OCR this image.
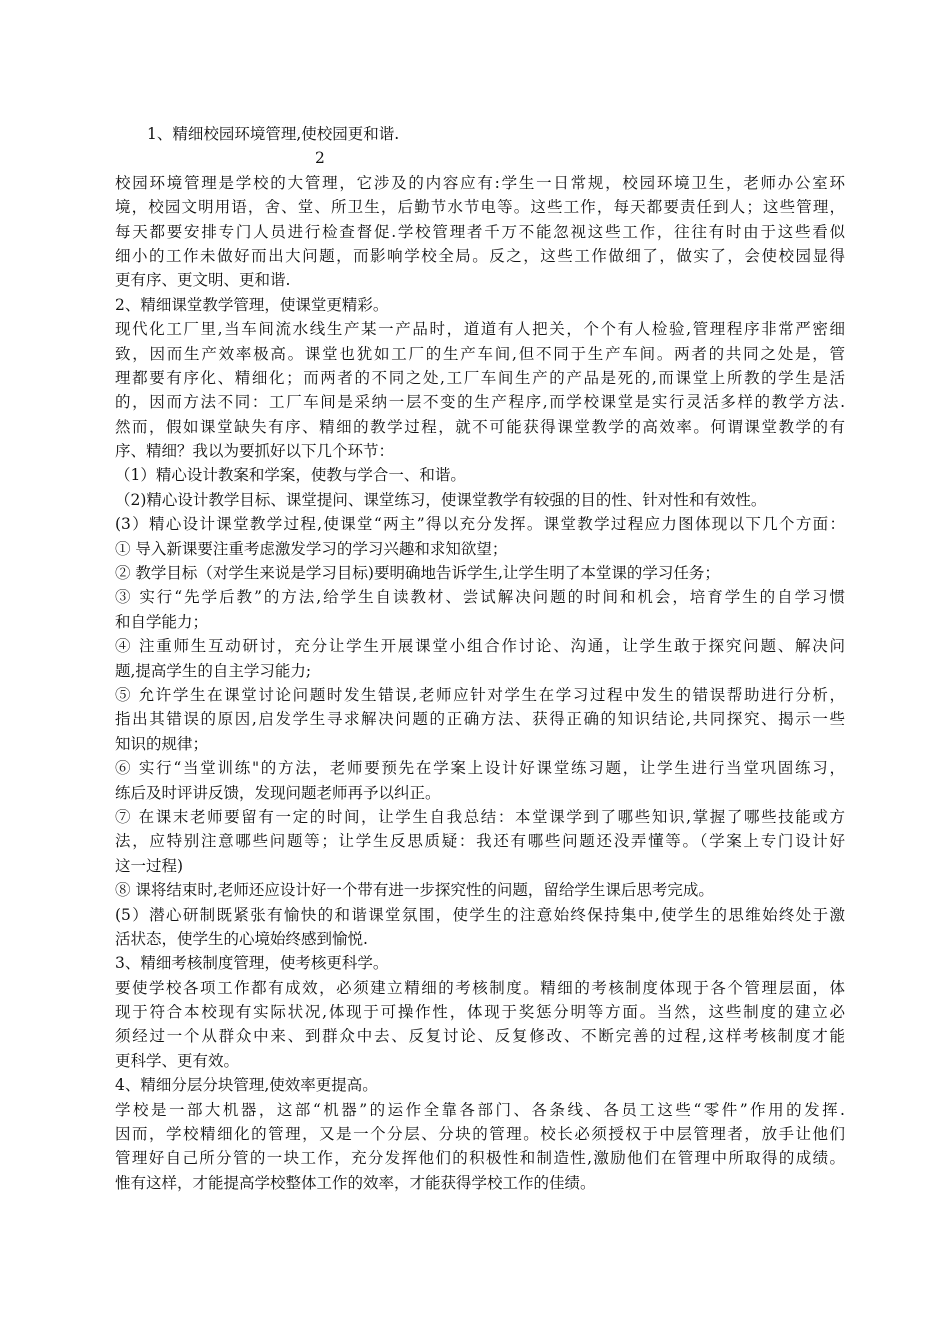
1、精细校园环境管理,使校园更和谐.
2
校园环境管理是学校的大管理，它涉及的内容应有:学生一日常规，校园环境卫生，老师办公室环
境，校园文明用语，舍、堂、所卫生，后勤节水节电等。这些工作，每天都要责任到人；这些管理，
每天都要安排专门人员进行检查督促.学校管理者千万不能忽视这些工作，往往有时由于这些看似
细小的工作未做好而出大问题，而影响学校全局。反之，这些工作做细了，做实了，会使校园显得
更有序、更文明、更和谐.
2、精细课堂教学管理，使课堂更精彩。
现代化工厂里,当车间流水线生产某一产品时，道道有人把关，个个有人检验,管理程序非常严密细
致，因而生产效率极高。课堂也犹如工厂的生产车间,但不同于生产车间。两者的共同之处是，管
理都要有序化、精细化；而两者的不同之处,工厂车间生产的产品是死的,而课堂上所教的学生是活
的，因而方法不同：工厂车间是采纳一层不变的生产程序,而学校课堂是实行灵活多样的教学方法.
然而，假如课堂缺失有序、精细的教学过程，就不可能获得课堂教学的高效率。何谓课堂教学的有
序、精细？我以为要抓好以下几个环节：
（1）精心设计教案和学案，使教与学合一、和谐。
（2)精心设计教学目标、课堂提问、课堂练习，使课堂教学有较强的目的性、针对性和有效性。
(3）精心设计课堂教学过程,使课堂“两主”得以充分发挥。课堂教学过程应力图体现以下几个方面：
① 导入新课要注重考虑激发学习的学习兴趣和求知欲望；
② 教学目标（对学生来说是学习目标)要明确地告诉学生,让学生明了本堂课的学习任务；
③ 实行“先学后教”的方法,给学生自读教材、尝试解决问题的时间和机会，培育学生的自学习惯
和自学能力；
④ 注重师生互动研讨，充分让学生开展课堂小组合作讨论、沟通，让学生敢于探究问题、解决问
题,提高学生的自主学习能力;
⑤ 允许学生在课堂讨论问题时发生错误,老师应针对学生在学习过程中发生的错误帮助进行分析，
指出其错误的原因,启发学生寻求解决问题的正确方法、获得正确的知识结论,共同探究、揭示一些
知识的规律；
⑥ 实行“当堂训练"的方法，老师要预先在学案上设计好课堂练习题，让学生进行当堂巩固练习，
练后及时评讲反馈，发现问题老师再予以纠正。
⑦ 在课末老师要留有一定的时间，让学生自我总结：本堂课学到了哪些知识,掌握了哪些技能或方
法，应特别注意哪些问题等；让学生反思质疑：我还有哪些问题还没弄懂等。（学案上专门设计好
这一过程)
⑧ 课将结束时,老师还应设计好一个带有进一步探究性的问题，留给学生课后思考完成。
(5）潜心研制既紧张有愉快的和谐课堂氛围，使学生的注意始终保持集中,使学生的思维始终处于激
活状态，使学生的心境始终感到愉悦.
3、精细考核制度管理，使考核更科学。
要使学校各项工作都有成效，必须建立精细的考核制度。精细的考核制度体现于各个管理层面，体
现于符合本校现有实际状况,体现于可操作性，体现于奖惩分明等方面。当然，这些制度的建立必
须经过一个从群众中来、到群众中去、反复讨论、反复修改、不断完善的过程,这样考核制度才能
更科学、更有效。
4、精细分层分块管理,使效率更提高。
学校是一部大机器，这部“机器”的运作全靠各部门、各条线、各员工这些“零件”作用的发挥.
因而，学校精细化的管理，又是一个分层、分块的管理。校长必须授权于中层管理者，放手让他们
管理好自己所分管的一块工作，充分发挥他们的积极性和制造性,激励他们在管理中所取得的成绩。
惟有这样，才能提高学校整体工作的效率，才能获得学校工作的佳绩。
